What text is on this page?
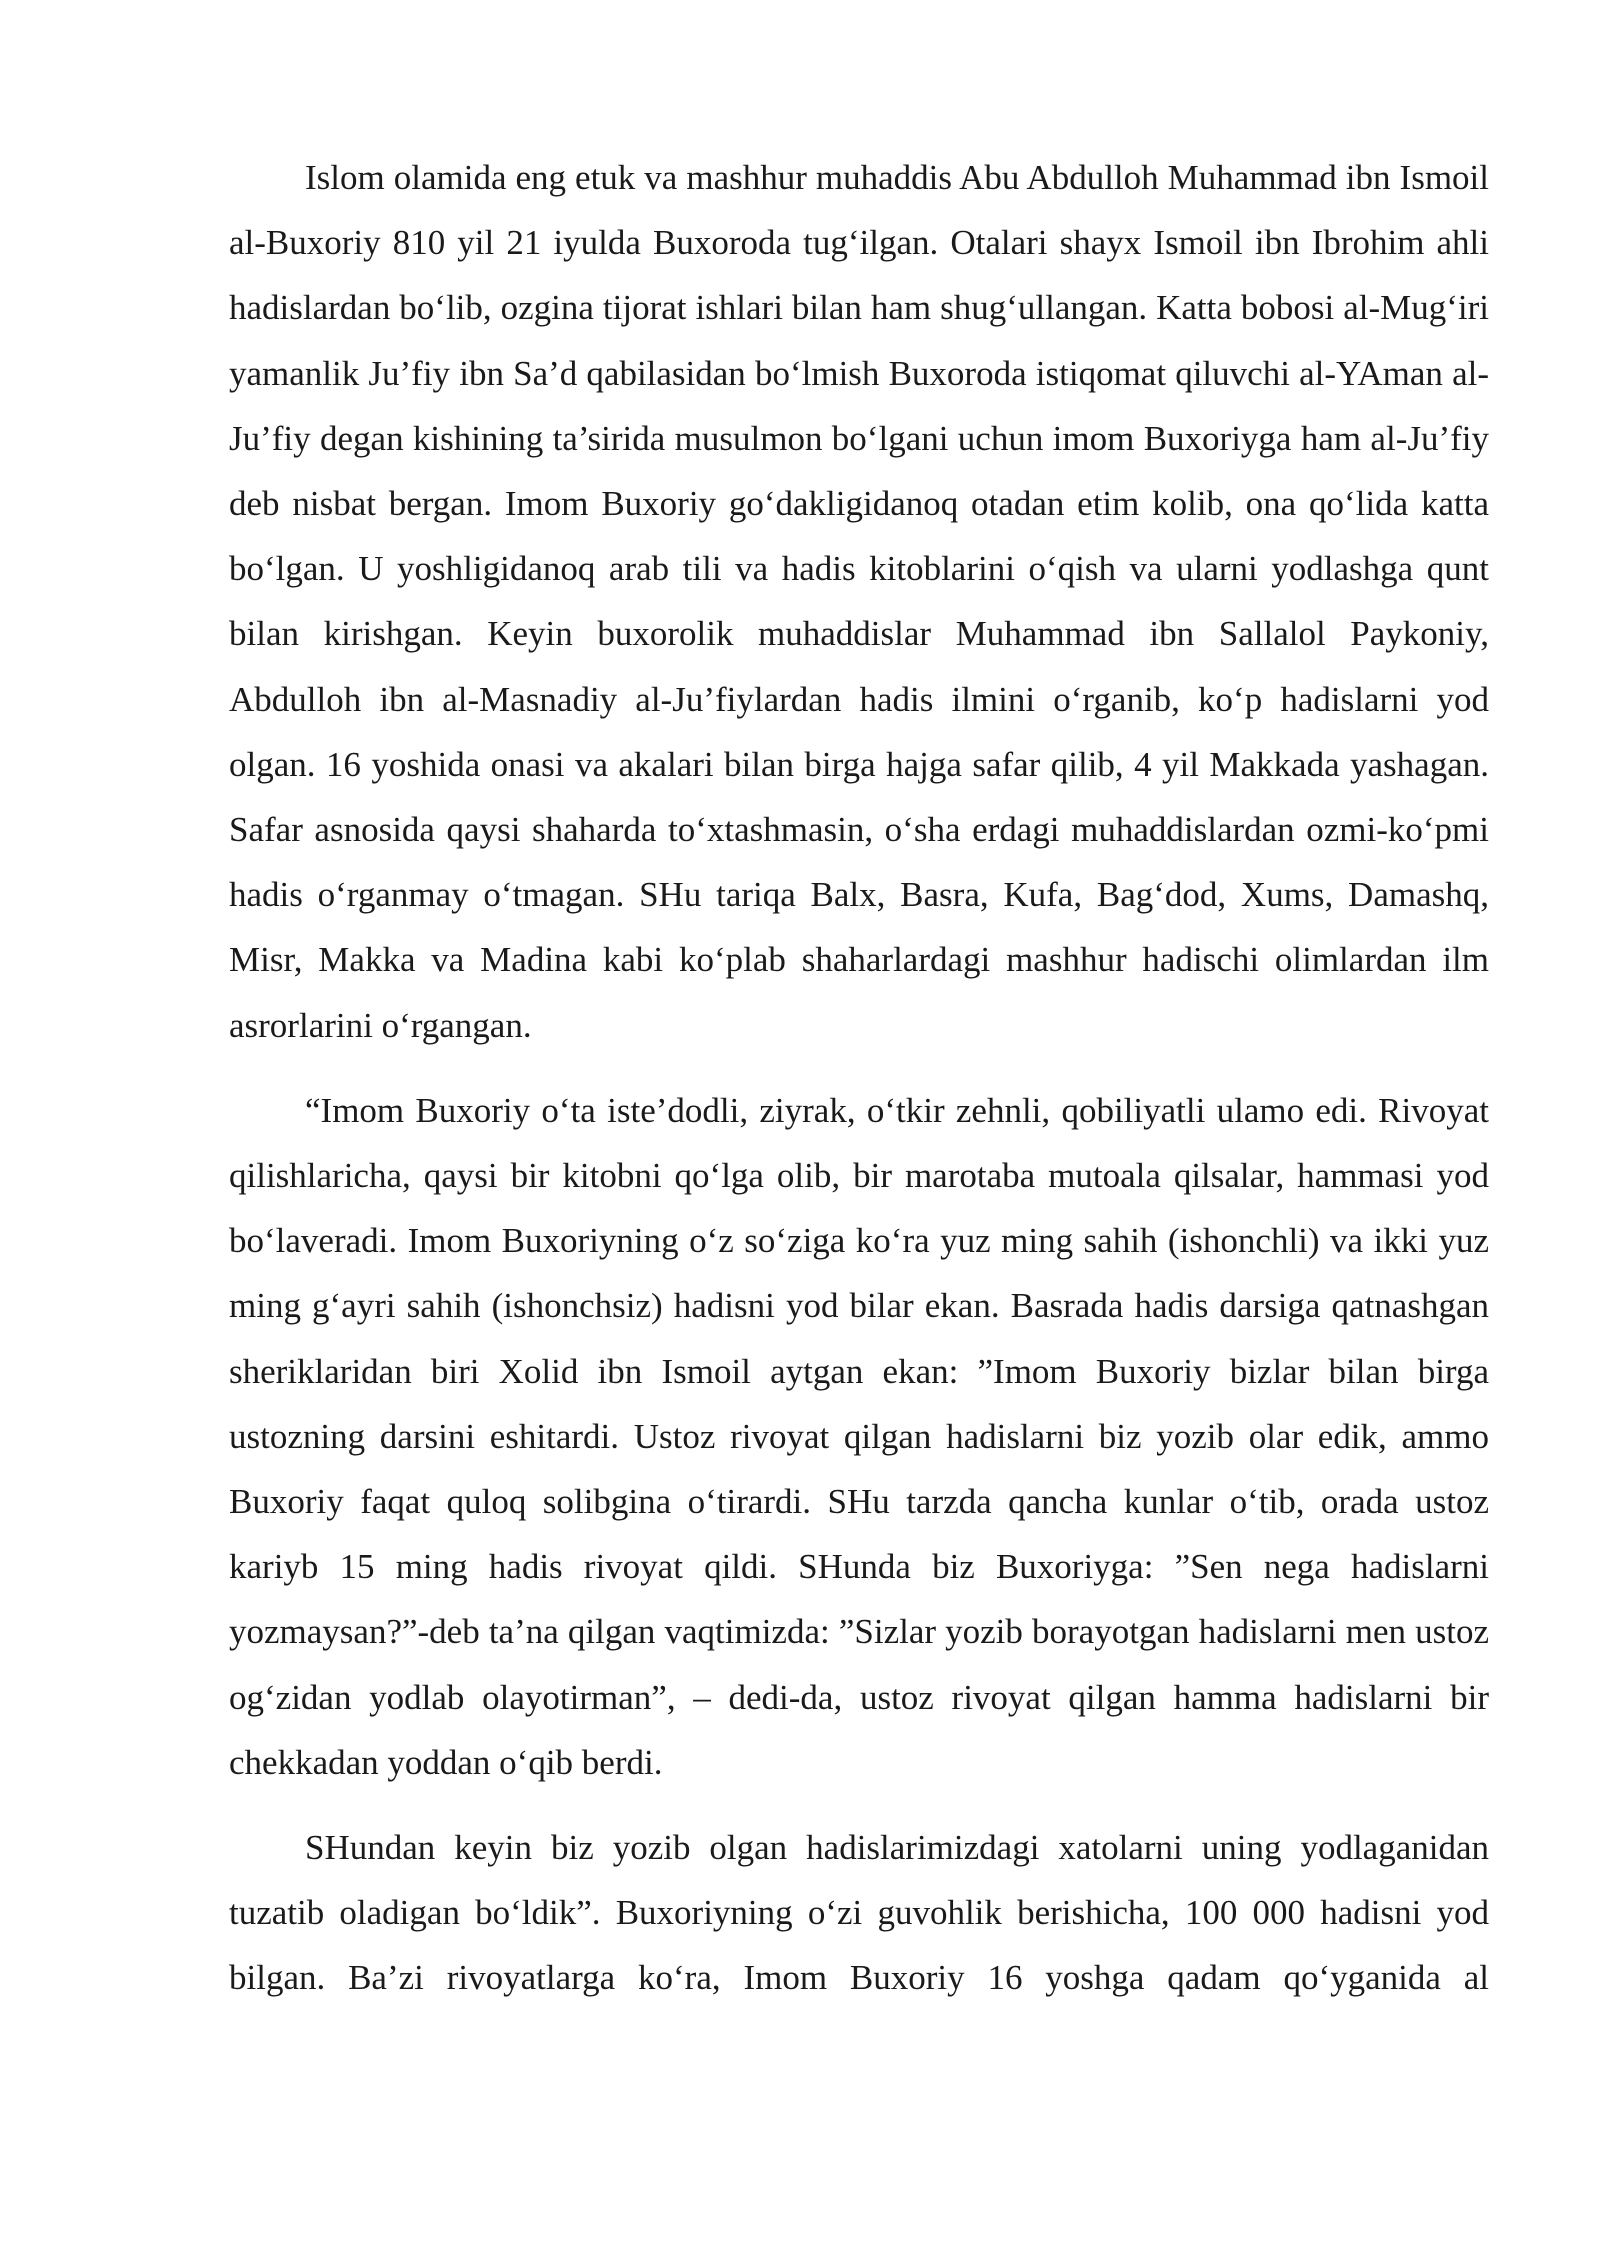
Islom olamida eng etuk va mashhur muhaddis Abu Abdulloh Muhammad ibn Ismoil al-Buxoriy 810 yil 21 iyulda Buxoroda tug‘ilgan. Otalari shayx Ismoil ibn Ibrohim ahli hadislardan bo‘lib, ozgina tijorat ishlari bilan ham shug‘ullangan. Katta bobosi al-Mug‘iri yamanlik Ju’fiy ibn Sa’d qabilasidan bo‘lmish Buxoroda istiqomat qiluvchi al-YAman al-Ju’fiy degan kishining ta’sirida musulmon bo‘lgani uchun imom Buxoriyga ham al-Ju’fiy deb nisbat bergan. Imom Buxoriy go‘dakligidanoq otadan etim kolib, ona qo‘lida katta bo‘lgan. U yoshligidanoq arab tili va hadis kitoblarini o‘qish va ularni yodlashga qunt bilan kirishgan. Keyin buxorolik muhaddislar Muhammad ibn Sallalol Paykoniy, Abdulloh ibn al-Masnadiy al-Ju’fiylardan hadis ilmini o‘rganib, ko‘p hadislarni yod olgan. 16 yoshida onasi va akalari bilan birga hajga safar qilib, 4 yil Makkada yashagan. Safar asnosida qaysi shaharda to‘xtashmasin, o‘sha erdagi muhaddislardan ozmi-ko‘pmi hadis o‘rganmay o‘tmagan. SHu tariqa Balx, Basra, Kufa, Bag‘dod, Xums, Damashq, Misr, Makka va Madina kabi ko‘plab shaharlardagi mashhur hadischi olimlardan ilm asrorlarini o‘rgangan.

“Imom Buxoriy o‘ta iste’dodli, ziyrak, o‘tkir zehnli, qobiliyatli ulamo edi. Rivoyat qilishlaricha, qaysi bir kitobni qo‘lga olib, bir marotaba mutoala qilsalar, hammasi yod bo‘laveradi. Imom Buxoriyning o‘z so‘ziga ko‘ra yuz ming sahih (ishonchli) va ikki yuz ming g‘ayri sahih (ishonchsiz) hadisni yod bilar ekan. Basrada hadis darsiga qatnashgan sheriklaridan biri Xolid ibn Ismoil aytgan ekan: ”Imom Buxoriy bizlar bilan birga ustozning darsini eshitardi. Ustoz rivoyat qilgan hadislarni biz yozib olar edik, ammo Buxoriy faqat quloq solibgina o‘tirardi. SHu tarzda qancha kunlar o‘tib, orada ustoz kariyb 15 ming hadis rivoyat qildi. SHunda biz Buxoriyga: ”Sen nega hadislarni yozmaysan?”-deb ta’na qilgan vaqtimizda: ”Sizlar yozib borayotgan hadislarni men ustoz og‘zidan yodlab olayotirman”, – dedi-da, ustoz rivoyat qilgan hamma hadislarni bir chekkadan yoddan o‘qib berdi.

SHundan keyin biz yozib olgan hadislarimizdagi xatolarni uning yodlaganidan tuzatib oladigan bo‘ldik”. Buxoriyning o‘zi guvohlik berishicha, 100 000 hadisni yod bilgan. Ba’zi rivoyatlarga ko‘ra, Imom Buxoriy 16 yoshga qadam qo‘yganida al
